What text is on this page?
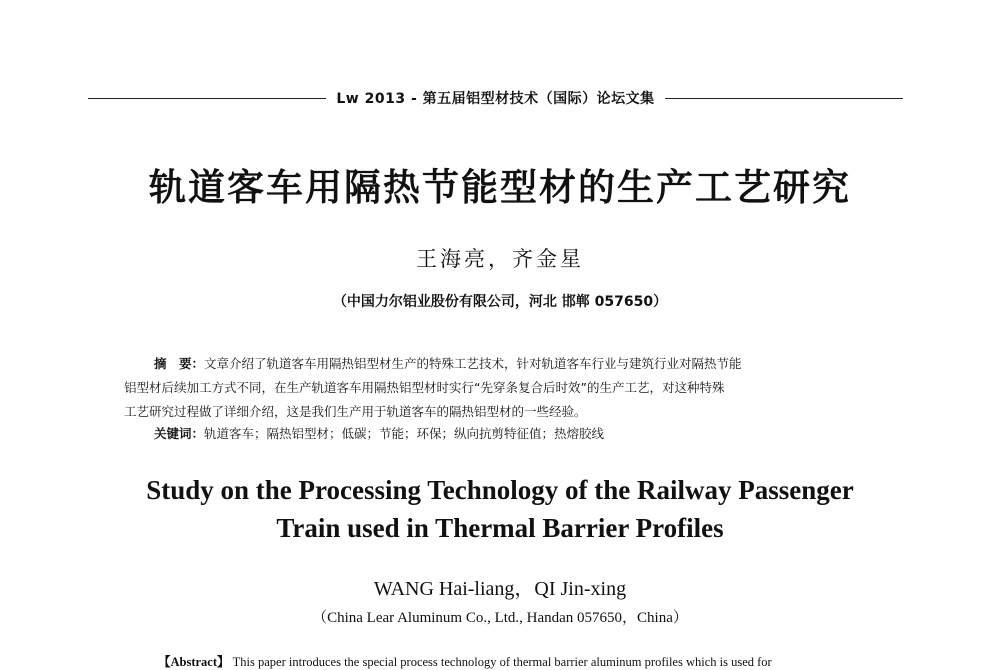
Lw 2013 - 第五届铝型材技术（国际）论坛文集
轨道客车用隔热节能型材的生产工艺研究
王海亮，齐金星
（中国力尔铝业股份有限公司，河北 邯郸 057650）
摘　要：文章介绍了轨道客车用隔热铝型材生产的特殊工艺技术，针对轨道客车行业与建筑行业对隔热节能
铝型材后续加工方式不同，在生产轨道客车用隔热铝型材时实行“先穿条复合后时效”的生产工艺，对这种特殊
工艺研究过程做了详细介绍，这是我们生产用于轨道客车的隔热铝型材的一些经验。
关键词：轨道客车；隔热铝型材；低碳；节能；环保；纵向抗剪特征值；热熔胶线
Study on the Processing Technology of the Railway Passenger
Train used in Thermal Barrier Profiles
WANG Hai-liang，QI Jin-xing
（China Lear Aluminum Co., Ltd., Handan 057650，China）
【Abstract】 This paper introduces the special process technology of thermal barrier aluminum profiles which is used for
